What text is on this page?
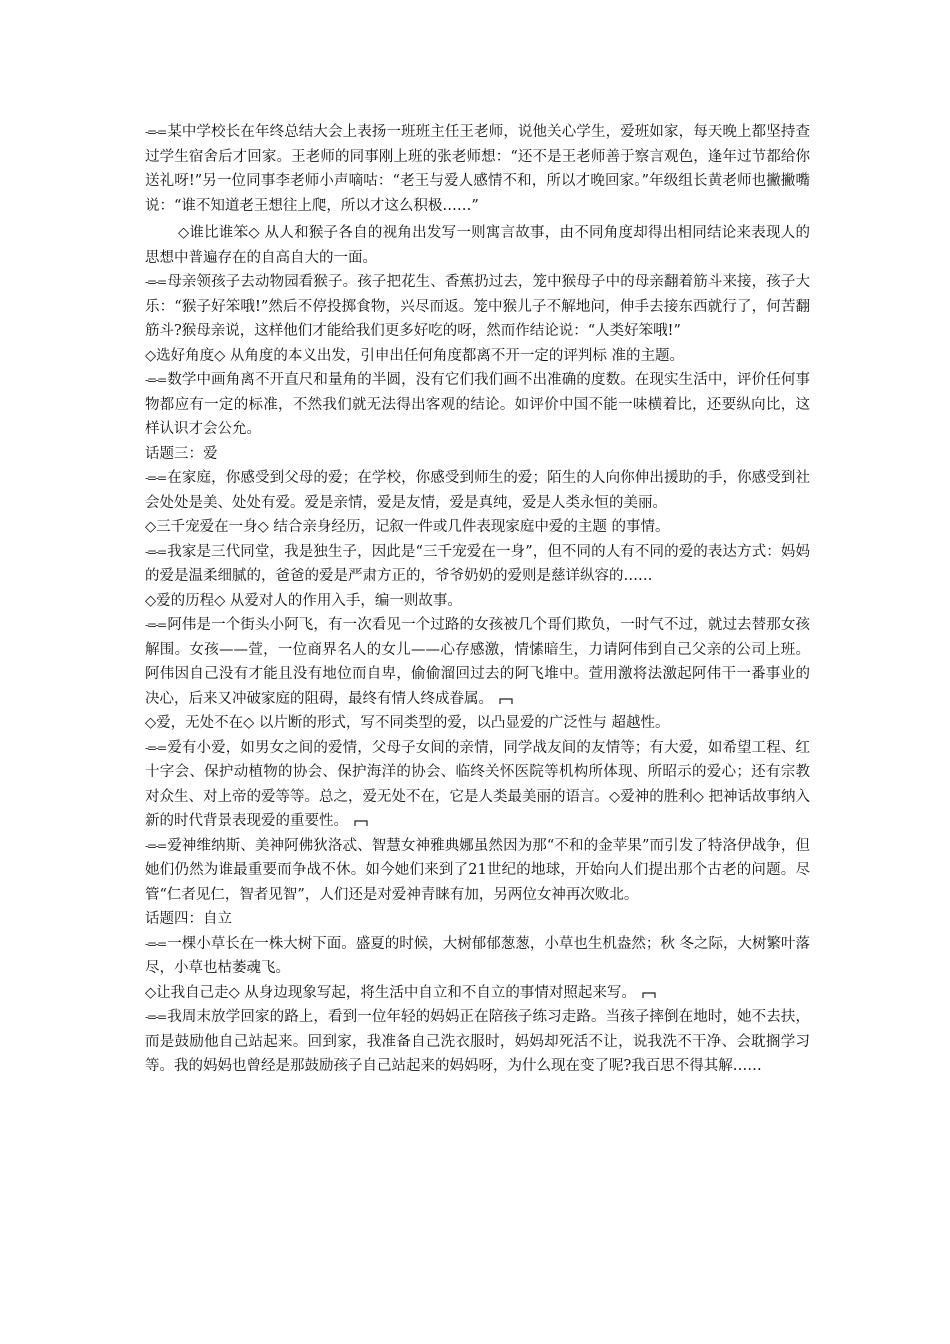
-=-= 某中学校长在年终总结大会上表扬一班班主任王老师，说他关心学生，爱班如家，每天晚上都坚持查过学生宿舍后才回家。王老师的同事刚上班的张老师想：“还不是王老师善于察言观色，逢年过节都给你送礼呀!”另一位同事李老师小声嘀咕：“老王与爱人感情不和，所以才晚回家。”年级组长黄老师也撇撇嘴说：“谁不知道老王想往上爬，所以才这么积极……”

◇谁比谁笨◇ 从人和猴子各自的视角出发写一则寓言故事，由不同角度却得出相同结论来表现人的思想中普遍存在的自高自大的一面。

-=-= 母亲领孩子去动物园看猴子。孩子把花生、香蕉扔过去，笼中猴母子中的母亲翻着筋斗来接，孩子大乐：“猴子好笨哦!”然后不停投掷食物，兴尽而返。笼中猴儿子不解地问，伸手去接东西就行了，何苦翻筋斗?猴母亲说，这样他们才能给我们更多好吃的呀，然而作结论说：“人类好笨哦!”

◇选好角度◇ 从角度的本义出发，引申出任何角度都离不开一定的评判标 准的主题。

-=-= 数学中画角离不开直尺和量角的半圆，没有它们我们画不出准确的度数。在现实生活中，评价任何事物都应有一定的标准，不然我们就无法得出客观的结论。如评价中国不能一味横着比，还要纵向比，这样认识才会公允。

话题三：爱

-=-= 在家庭，你感受到父母的爱；在学校，你感受到师生的爱；陌生的人向你伸出援助的手，你感受到社会处处是美、处处有爱。爱是亲情，爱是友情，爱是真纯，爱是人类永恒的美丽。

◇三千宠爱在一身◇ 结合亲身经历，记叙一件或几件表现家庭中爱的主题 的事情。

-=-= 我家是三代同堂，我是独生子，因此是“三千宠爱在一身”，但不同的人有不同的爱的表达方式：妈妈的爱是温柔细腻的，爸爸的爱是严肃方正的，爷爷奶奶的爱则是慈详纵容的……

◇爱的历程◇ 从爱对人的作用入手，编一则故事。

-=-= 阿伟是一个街头小阿飞，有一次看见一个过路的女孩被几个哥们欺负，一时气不过，就过去替那女孩解围。女孩——萱，一位商界名人的女儿——心存感激，情愫暗生，力请阿伟到自己父亲的公司上班。阿伟因自己没有才能且没有地位而自卑，偷偷溜回过去的阿飞堆中。萱用激将法激起阿伟干一番事业的决心，后来又冲破家庭的阻碍，最终有情人终成眷属。

◇爱，无处不在◇ 以片断的形式，写不同类型的爱，以凸显爱的广泛性与 超越性。

-=-= 爱有小爱，如男女之间的爱情，父母子女间的亲情，同学战友间的友情等；有大爱，如希望工程、红十字会、保护动植物的协会、保护海洋的协会、临终关怀医院等机构所体现、所昭示的爱心；还有宗教对众生、对上帝的爱等等。总之，爱无处不在，它是人类最美丽的语言。◇爱神的胜利◇ 把神话故事纳入新的时代背景表现爱的重要性。

-=-= 爱神维纳斯、美神阿佛狄洛忒、智慧女神雅典娜虽然因为那“不和的金苹果”而引发了特洛伊战争，但她们仍然为谁最重要而争战不休。如今她们来到了21世纪的地球，开始向人们提出那个古老的问题。尽管“仁者见仁，智者见智”，人们还是对爱神青睐有加，另两位女神再次败北。

话题四：自立

-=-= 一棵小草长在一株大树下面。盛夏的时候，大树郁郁葱葱，小草也生机盎然；秋 冬之际，大树繁叶落尽，小草也枯萎魂飞。

◇让我自己走◇ 从身边现象写起，将生活中自立和不自立的事情对照起来写。

-=-= 我周末放学回家的路上，看到一位年轻的妈妈正在陪孩子练习走路。当孩子摔倒在地时，她不去扶，而是鼓励他自己站起来。回到家，我准备自己洗衣服时，妈妈却死活不让，说我洗不干净、会耽搁学习等。我的妈妈也曾经是那鼓励孩子自己站起来的妈妈呀，为什么现在变了呢?我百思不得其解……
